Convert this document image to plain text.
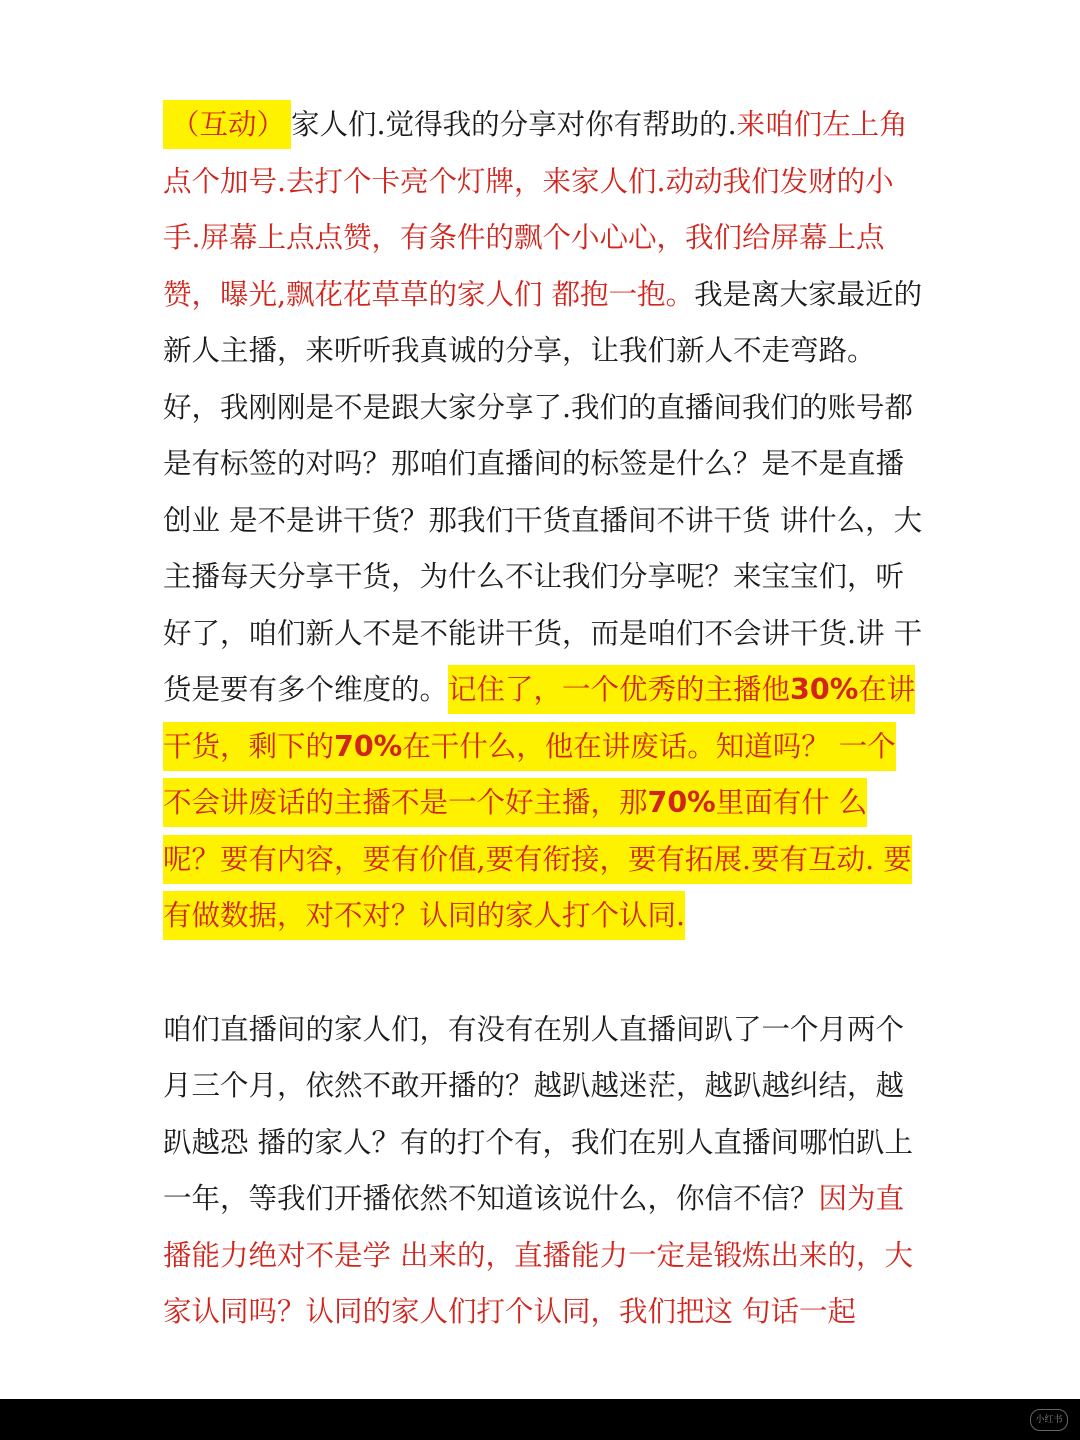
（互动） 家人们.觉得我的分享对你有帮助的.来咱们左上角点个加号.去打个卡亮个灯牌，来家人们.动动我们发财的小手.屏幕上点点赞，有条件的飘个小心心，我们给屏幕上点赞，曝光,飘花花草草的家人们 都抱一抱。我是离大家最近的新人主播，来听听我真诚的分享，让我们新人不走弯路。好，我刚刚是不是跟大家分享了.我们的直播间我们的账号都是有标签的对吗？那咱们直播间的标签是什么？是不是直播创业 是不是讲干货？那我们干货直播间不讲干货 讲什么，大主播每天分享干货，为什么不让我们分享呢？来宝宝们，听好了，咱们新人不是不能讲干货，而是咱们不会讲干货.讲 干货是要有多个维度的。记住了，一个优秀的主播他30%在讲干货，剩下的70%在干什么，他在讲废话。知道吗？ 一个不会讲废话的主播不是一个好主播，那70%里面有什 么呢？要有内容，要有价值,要有衔接，要有拓展.要有互动. 要有做数据，对不对？认同的家人打个认同.

咱们直播间的家人们，有没有在别人直播间趴了一个月两个月三个月，依然不敢开播的？越趴越迷茫，越趴越纠结，越趴越恐 播的家人？有的打个有，我们在别人直播间哪怕趴上一年，等我们开播依然不知道该说什么，你信不信？因为直播能力绝对不是学 出来的，直播能力一定是锻炼出来的，大家认同吗？认同的家人们打个认同，我们把这 句话一起

小红书
